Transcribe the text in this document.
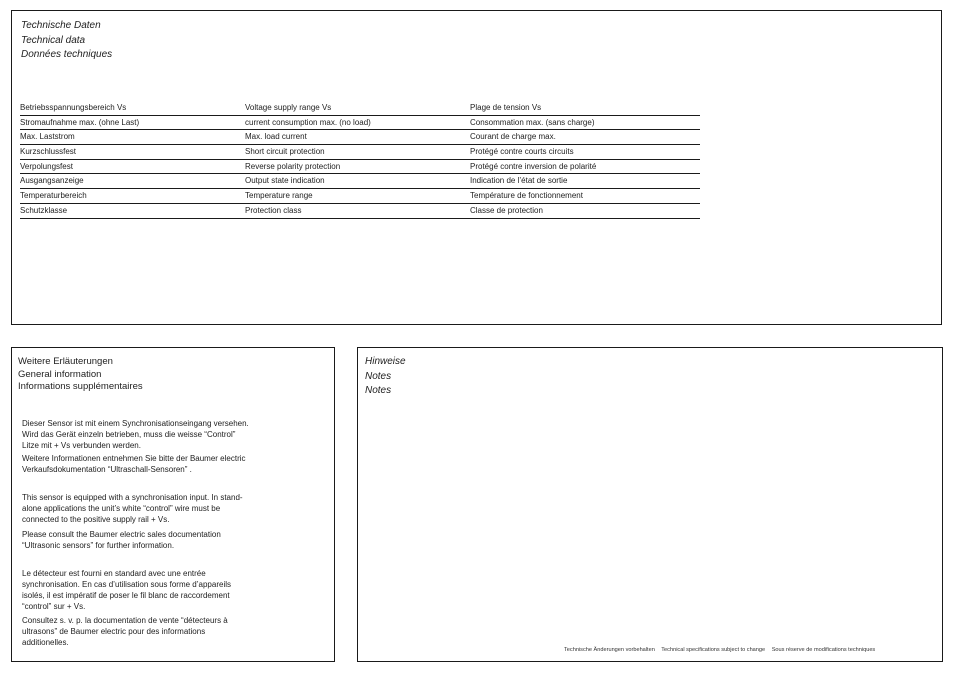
Technische Daten
Technical data
Données techniques
Betriebsspannungsbereich Vs	Voltage supply range Vs	Plage de tension Vs
Stromaufnahme max. (ohne Last)	current consumption max. (no load)	Consommation max. (sans charge)
Max. Laststrom	Max. load current	Courant de charge max.
Kurzschlussfest	Short circuit protection	Protégé contre courts circuits
Verpolungsfest	Reverse polarity protection	Protégé contre inversion de polarité
Ausgangsanzeige	Output state indication	Indication de l’état de sortie
Temperaturbereich	Temperature range	Température de fonctionnement
Schutzklasse	Protection class	Classe de protection
Weitere Erläuterungen
General information
Informations supplémentaires
Dieser Sensor ist mit einem Synchronisationseingang versehen.
Wird das Gerät einzeln betrieben, muss die weisse “Control”
Litze mit + Vs verbunden werden.
Weitere Informationen entnehmen Sie bitte der Baumer electric
Verkaufsdokumentation “Ultraschall-Sensoren” .
This sensor is equipped with a synchronisation input. In stand-
alone applications the unit’s white “control” wire must be
connected to the positive supply rail + Vs.
Please consult the Baumer electric sales documentation
“Ultrasonic sensors” for further information.
Le détecteur est fourni en standard avec une entrée
synchronisation. En cas d’utilisation sous forme d’appareils
isolés, il est impératif de poser le fil blanc de raccordement
“control” sur + Vs.
Consultez s. v. p. la documentation de vente “détecteurs à
ultrasons” de Baumer electric pour des informations
additionelles.
Hinweise
Notes
Notes
Technische Änderungen vorbehalten Technical specifications subject to change Sous réserve de modifications techniques
